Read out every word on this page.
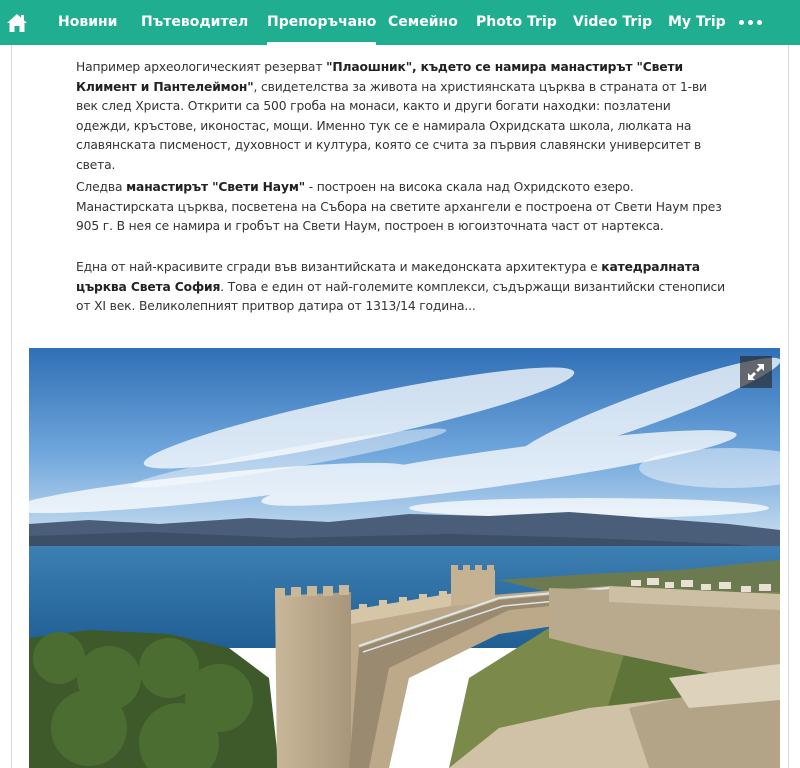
Новини Пътеводител Препоръчано Семейно Photo Trip Video Trip My Trip

Например археологическият резерват "Плаошник", където се намира манастирът "Свети Климент и Пантелеймон", свидетелства за живота на християнската църква в страната от 1-ви век след Христа. Открити са 500 гроба на монаси, както и други богати находки: позлатени одежди, кръстове, иконостас, мощи. Именно тук се е намирала Охридската школа, люлката на славянската писменост, духовност и култура, която се счита за първия славянски университет в света.

Следва манастирът "Свети Наум" - построен на висока скала над Охридското езеро. Манастирската църква, посветена на Събора на светите архангели е построена от Свети Наум през 905 г. В нея се намира и гробът на Свети Наум, построен в югоизточната част от нартекса.

Една от най-красивите сгради във византийската и македонската архитектура е катедралната църква Света София. Това е един от най-големите комплекси, съдържащи византийски стенописи от XI век. Великолепният притвор датира от 1313/14 година...
